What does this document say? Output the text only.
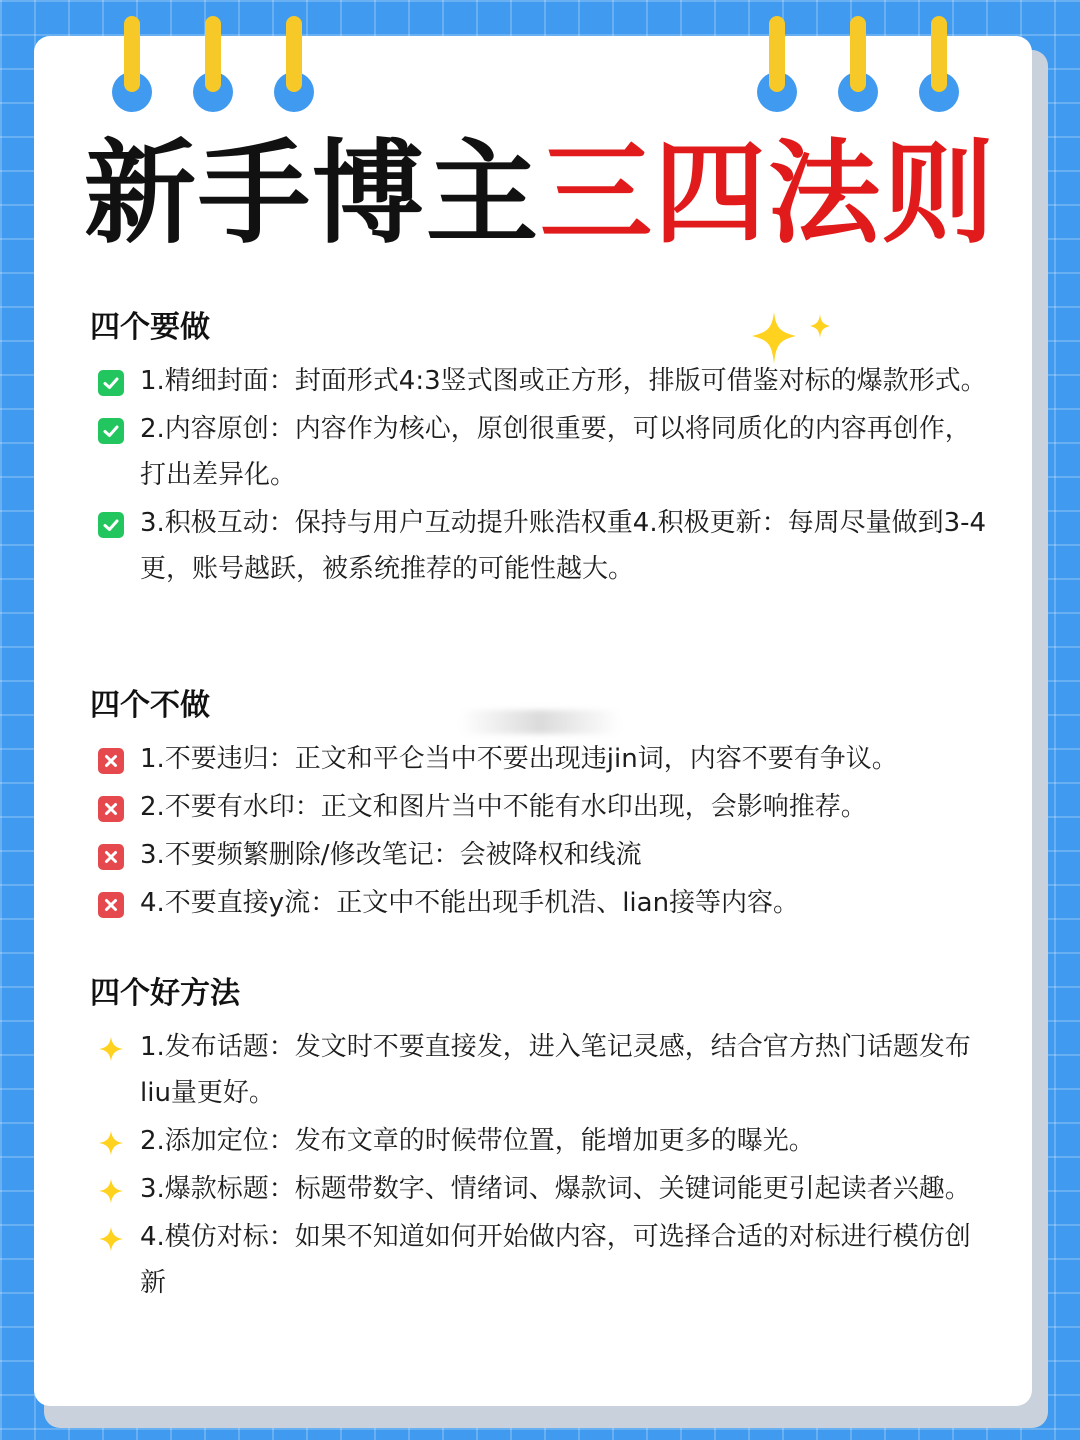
新手博主三四法则
四个要做
1.精细封面：封面形式4:3竖式图或正方形，排版可借鉴对标的爆款形式。
2.内容原创：内容作为核心，原创很重要，可以将同质化的内容再创作，打出差异化。
3.积极互动：保持与用户互动提升账浩权重4.积极更新：每周尽量做到3-4更，账号越跃，被系统推荐的可能性越大。
四个不做
1.不要违归：正文和平仑当中不要出现违jin词，内容不要有争议。
2.不要有水印：正文和图片当中不能有水印出现，会影响推荐。
3.不要频繁删除/修改笔记：会被降权和线流
4.不要直接y流：正文中不能出现手机浩、lian接等内容。
四个好方法
1.发布话题：发文时不要直接发，进入笔记灵感，结合官方热门话题发布liu量更好。
2.添加定位：发布文章的时候带位置，能增加更多的曝光。
3.爆款标题：标题带数字、情绪词、爆款词、关键词能更引起读者兴趣。
4.模仿对标：如果不知道如何开始做内容，可选择合适的对标进行模仿创新
